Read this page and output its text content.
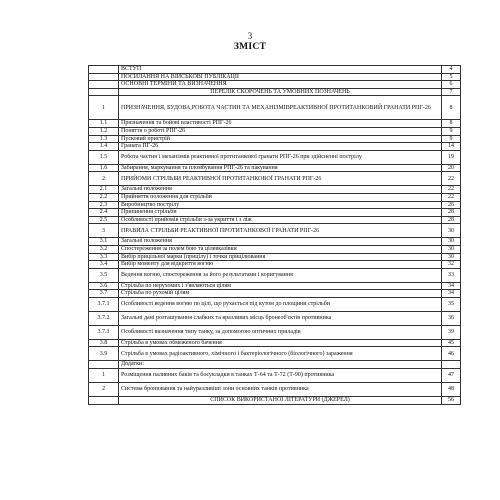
3
ЗМІСТ
	ВСТУП	4
	ПОСИЛАННЯ НА ВІЙСЬКОВІ ПУБЛІКАЦІЇ	5
	ОСНОВНІ ТЕРМІНИ ТА ВИЗНАЧЕННЯ	6
	ПЕРЕЛІК СКОРОЧЕНЬ ТА УМОВНИХ ПОЗНАЧЕНЬ	7
1	ПРИЗНАЧЕННЯ, БУДОВА,РОБОТА ЧАСТИН ТА МЕХАНІЗМІВРЕАКТИВНОЇ ПРОТИТАНКОВИЙ ГРАНАТИ РПГ-26	8
1.1	Призначення та бойові властивості РПГ-26	8
1.2	Поняття о роботі РПГ-26	9
1.3	Пусковий пристрій	9
1.4	Граната ПГ-26	14
1.5	Робота частин і механізмів реактивної протитанкової гранати РПГ-26 при здійсненні пострілу	19
1.6	Забирання, маркування та пломбування РПГ-26 та пакування	20
2	ПРИЙОМИ СТРІЛЬБИ РЕАКТИВНОЇ ПРОТИТАНКОВОЇ ГРАНАТИ РПГ-26	22
2.1	Загальні положення	22
2.2	Прийняття положення для стрільби	22
2.3	Виробництво пострілу	26
2.4	Припинення стрільби	28
2.5	Особливості прийомів стрільби з-за укриття і з ліж	28
3	ПРАВИЛА СТРІЛЬБИ РЕАКТИВНОЇ ПРОТИТАНКОВОЇ ГРАНАТИ РПГ-26	30
3.1	Загальні положення	30
3.2	Спостереження за полем бою та цілевказівки	30
3.3	Вибір прицільної марки (прицілу) і точки прицілювання	30
3.4	Вибір моменту для відкриття вогню	32
3.5	Ведення вогню, спостереження за його результатами і коригування	33
3.6	Стрільба по нерухомих і з'являються цілям	34
3.7	Стрільба по рухомій цілям	34
3.7.1	Особливості ведення вогню по цілі, що рухається під кутом до площини стрільби	35
3.7.2	Загальні дані розташування слабких та вразливих місць бронеоб'єктів противника	36
3.7.3	Особливості визначення типу танку, за допомогою оптичних приладів	39
3.8	Стрільба в умовах обмеженого бачення	45
3.9	Стрільба в умовах радіоактивного, хімічного і бактеріологічного (біологічного) зараження	46
	Додатки:	
1	Розміщення паливних баків та боєукладки в танках Т-64 та Т-72 (Т-90) противника	47
2	Система бронювання та найуразливіші зони основних танків противника	48
	СПИСОК ВИКОРИСТАНОЇ ЛІТЕРАТУРИ (ДЖЕРЕЛ)	56
